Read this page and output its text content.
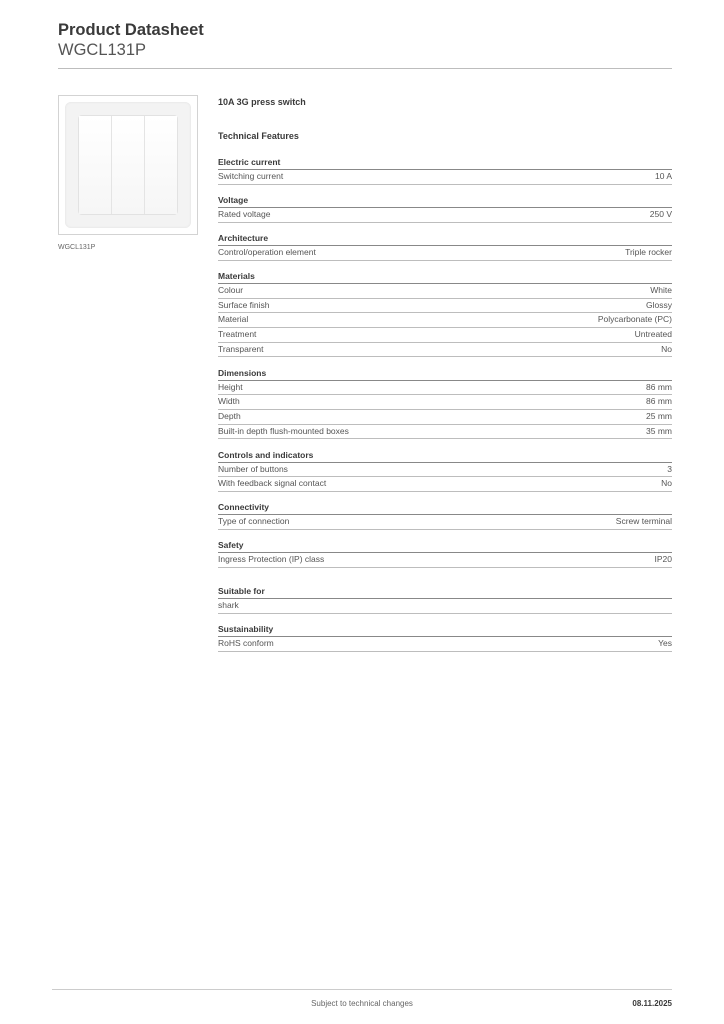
Product Datasheet
WGCL131P
WGCL131P
10A 3G press switch
Technical Features
Electric current
Switching current	10 A
Voltage
Rated voltage	250 V
Architecture
Control/operation element	Triple rocker
Materials
Colour	White
Surface finish	Glossy
Material	Polycarbonate (PC)
Treatment	Untreated
Transparent	No
Dimensions
Height	86 mm
Width	86 mm
Depth	25 mm
Built-in depth flush-mounted boxes	35 mm
Controls and indicators
Number of buttons	3
With feedback signal contact	No
Connectivity
Type of connection	Screw terminal
Safety
Ingress Protection (IP) class	IP20
Suitable for
shark
Sustainability
RoHS conform	Yes
Subject to technical changes	08.11.2025
